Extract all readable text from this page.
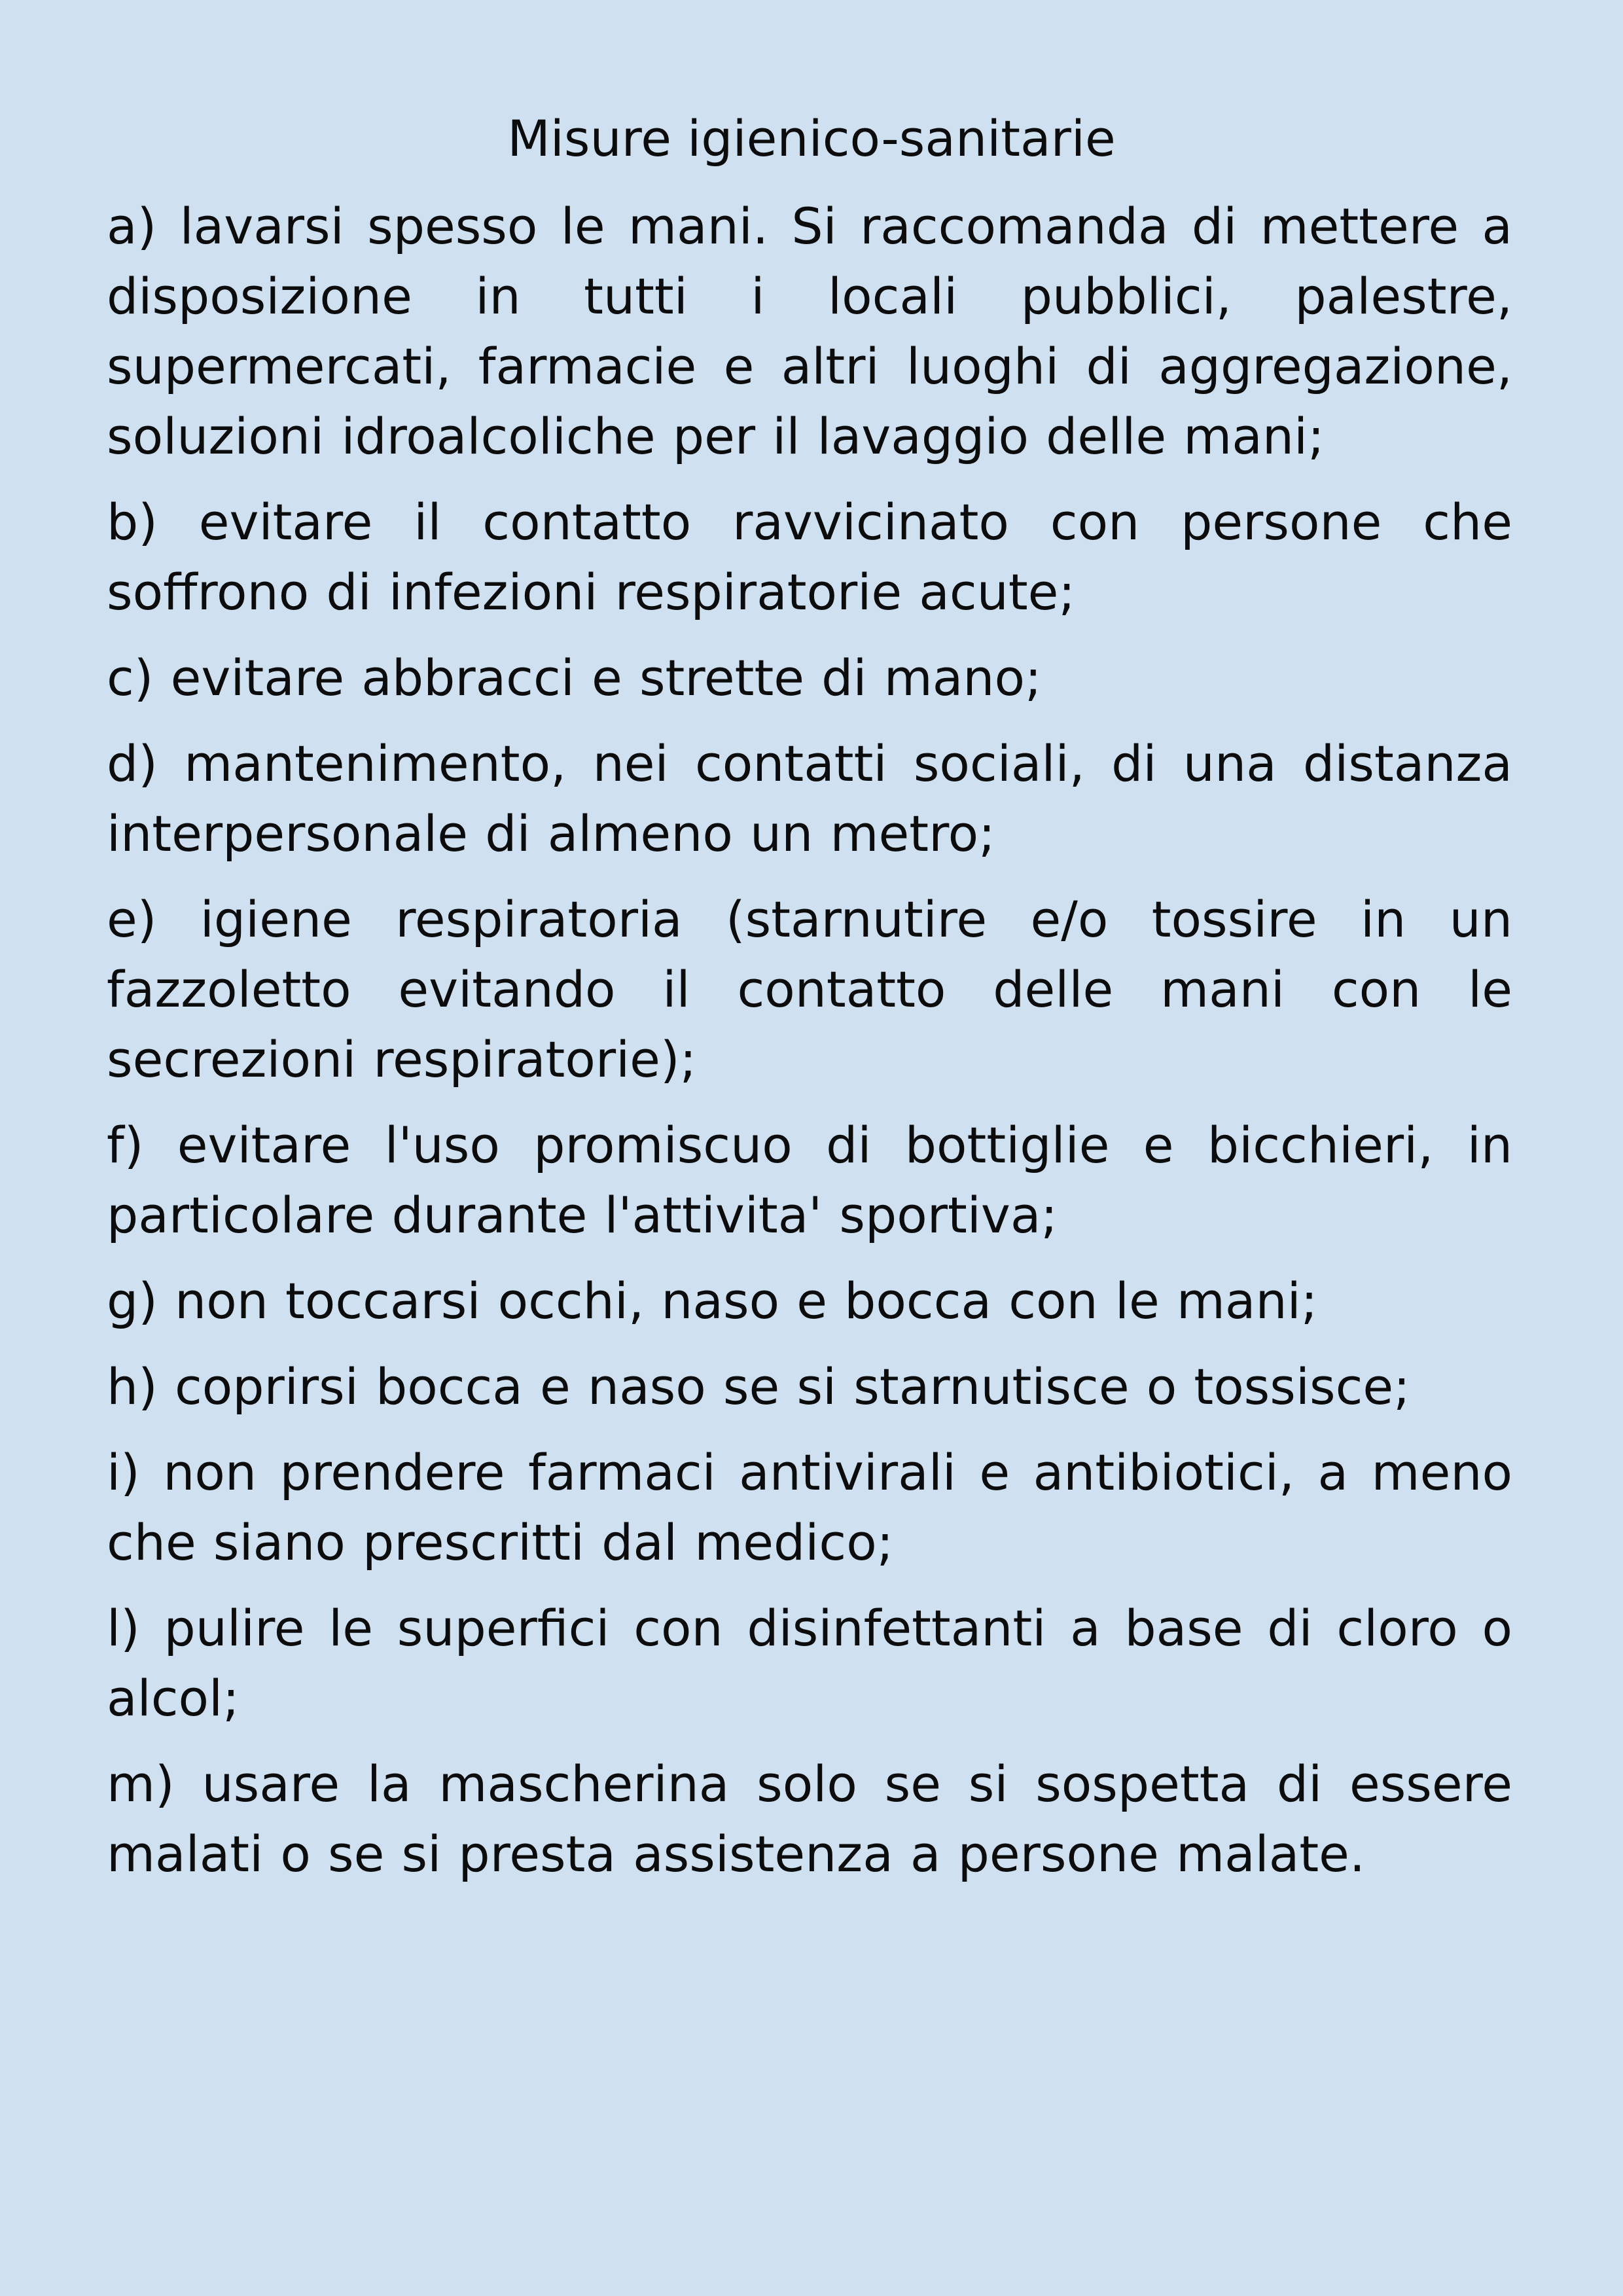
Misure igienico-sanitarie

a) lavarsi spesso le mani. Si raccomanda di mettere a disposizione in tutti i locali pubblici, palestre, supermercati, farmacie e altri luoghi di aggregazione, soluzioni idroalcoliche per il lavaggio delle mani;

b) evitare il contatto ravvicinato con persone che soffrono di infezioni respiratorie acute;

c) evitare abbracci e strette di mano;

d) mantenimento, nei contatti sociali, di una distanza interpersonale di almeno un metro;

e) igiene respiratoria (starnutire e/o tossire in un fazzoletto evitando il contatto delle mani con le secrezioni respiratorie);

f) evitare l'uso promiscuo di bottiglie e bicchieri, in particolare durante l'attivita' sportiva;

g) non toccarsi occhi, naso e bocca con le mani;

h) coprirsi bocca e naso se si starnutisce o tossisce;

i) non prendere farmaci antivirali e antibiotici, a meno che siano prescritti dal medico;

l) pulire le superfici con disinfettanti a base di cloro o alcol;

m) usare la mascherina solo se si sospetta di essere malati o se si presta assistenza a persone malate.
